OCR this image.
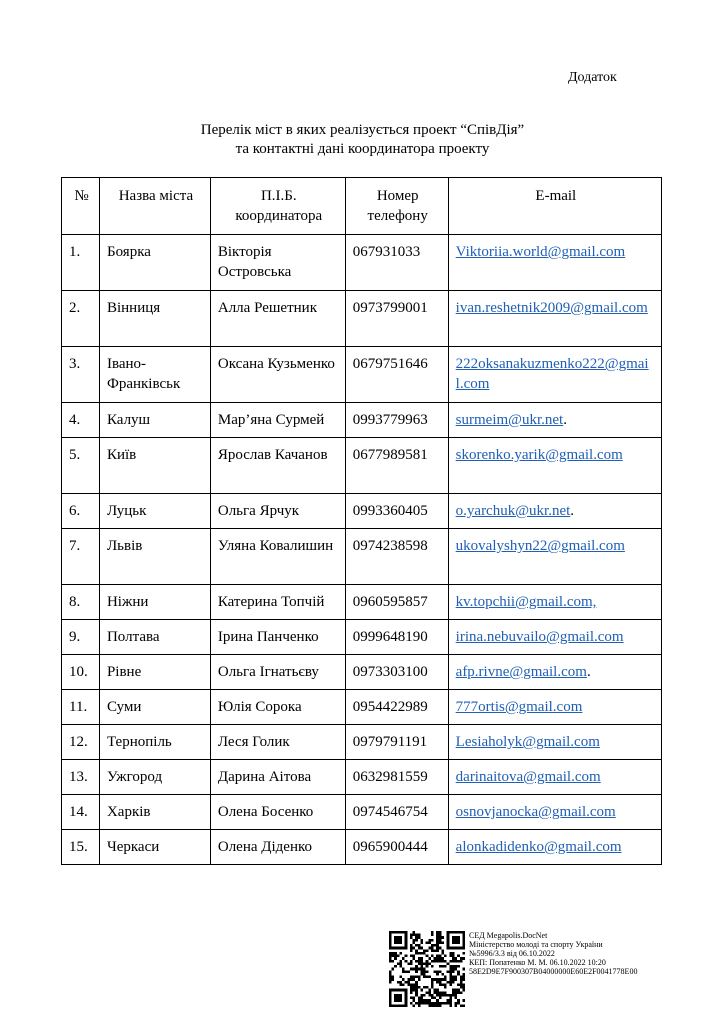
Додаток
Перелік міст в яких реалізується проект “СпівДія”
та контактні дані координатора проекту
№	Назва міста	П.І.Б. координатора	Номер телефону	E-mail
1.	Боярка	Вікторія Островська	067931033	Viktoriia.world@gmail.com
2.	Вінниця	Алла Решетник	0973799001	ivan.reshetnik2009@gmail.com
3.	Івано-Франківськ	Оксана Кузьменко	0679751646	222oksanakuzmenko222@gmail.com
4.	Калуш	Мар’яна Сурмей	0993779963	surmeim@ukr.net.
5.	Київ	Ярослав Качанов	0677989581	skorenko.yarik@gmail.com
6.	Луцьк	Ольга Ярчук	0993360405	o.yarchuk@ukr.net.
7.	Львів	Уляна Ковалишин	0974238598	ukovalyshyn22@gmail.com
8.	Ніжни	Катерина Топчій	0960595857	kv.topchii@gmail.com,
9.	Полтава	Ірина Панченко	0999648190	irina.nebuvailo@gmail.com
10.	Рівне	Ольга Ігнатьєву	0973303100	afp.rivne@gmail.com.
11.	Суми	Юлія Сорока	0954422989	777ortis@gmail.com
12.	Тернопіль	Леся Голик	0979791191	Lesiaholyk@gmail.com
13.	Ужгород	Дарина Аітова	0632981559	darinaitova@gmail.com
14.	Харків	Олена Босенко	0974546754	osnovjanocka@gmail.com
15.	Черкаси	Олена Діденко	0965900444	alonkadidenko@gmail.com
СЕД Megapolis.DocNet
Міністерство молоді та спорту України
№5996/3.3 від 06.10.2022
КЕП: Попатенко М. М. 06.10.2022 10:20
58E2D9E7F900307B04000000E60E2F0041778E00
